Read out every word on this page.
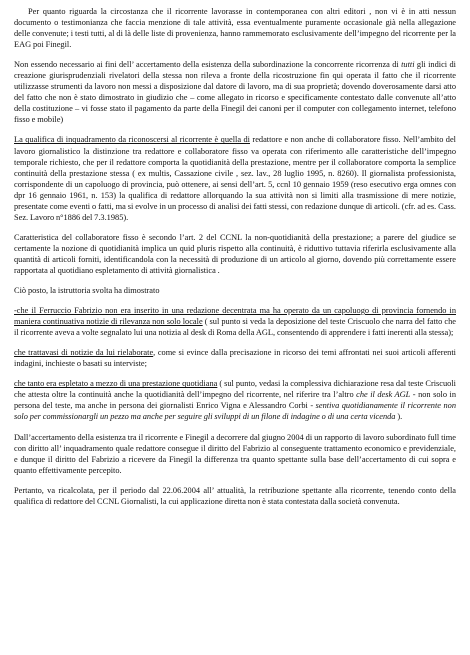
Per quanto riguarda la circostanza che il ricorrente lavorasse in contemporanea con altri editori , non vi è in atti nessun documento o testimonianza che faccia menzione di tale attività, essa eventualmente puramente occasionale già nella allegazione delle convenute; i testi tutti, al di là delle liste di provenienza, hanno rammemorato esclusivamente dell’impegno del ricorrente per la EAG poi Finegil.

Non essendo necessario ai fini dell’ accertamento della esistenza della subordinazione la concorrente ricorrenza di tutti gli indici di creazione giurisprudenziali rivelatori della stessa non rileva a fronte della ricostruzione fin qui operata il fatto che il ricorrente utilizzasse strumenti da lavoro non messi a disposizione dal datore di lavoro, ma di sua proprietà; dovendo doverosamente darsi atto del fatto che non è stato dimostrato in giudizio che – come allegato in ricorso e specificamente contestato dalle convenute all’atto della costituzione – vi fosse stato il pagamento da parte della Finegil dei canoni per il computer con collegamento internet, telefono fisso e mobile)

La qualifica di inquadramento da riconoscersi al ricorrente è quella di redattore e non anche di collaboratore fisso. Nell’ambito del lavoro giornalistico la distinzione tra redattore e collaboratore fisso va operata con riferimento alle caratteristiche dell’impegno temporale richiesto, che per il redattore comporta la quotidianità della prestazione, mentre per il collaboratore comporta la semplice continuità della prestazione stessa ( ex multis, Cassazione civile , sez. lav., 28 luglio 1995, n. 8260). Il giornalista professionista, corrispondente di un capoluogo di provincia, può ottenere, ai sensi dell’art. 5, ccnl 10 gennaio 1959 (reso esecutivo erga omnes con dpr 16 gennaio 1961, n. 153) la qualifica di redattore allorquando la sua attività non si limiti alla trasmissione di mere notizie, presentate come eventi o fatti, ma si evolve in un processo di analisi dei fatti stessi, con redazione dunque di articoli. (cfr. ad es. Cass. Sez. Lavoro n°1886 del 7.3.1985).

Caratteristica del collaboratore fisso è secondo l’art. 2 del CCNL la non-quotidianità della prestazione; a parere del giudice se certamente la nozione di quotidianità implica un quid pluris rispetto alla continuità, è riduttivo tuttavia riferirla esclusivamente alla quantità di articoli forniti, identificandola con la necessità di produzione di un articolo al giorno, dovendo più correttamente essere rapportata al quotidiano espletamento di attività giornalistica .

Ciò posto, la istruttoria svolta ha dimostrato

-che il Ferruccio Fabrizio non era inserito in una redazione decentrata ma ha operato da un capoluogo di provincia fornendo in maniera continuativa notizie di rilevanza non solo locale ( sul punto si veda la deposizione del teste Criscuolo che narra del fatto che il ricorrente aveva a volte segnalato lui una notizia al desk di Roma della AGL, consentendo di apprendere i fatti inerenti alla stessa);

che trattavasi di notizie da lui rielaborate, come si evince dalla precisazione in ricorso dei temi affrontati nei suoi articoli afferenti indagini, inchieste o basati su interviste;

che tanto era espletato a mezzo di una prestazione quotidiana ( sul punto, vedasi la complessiva dichiarazione resa dal teste Criscuoli che attesta oltre la continuità anche la quotidianità dell’impegno del ricorrente, nel riferire tra l’altro che il desk AGL - non solo in persona del teste, ma anche in persona dei giornalisti Enrico Vigna e Alessandro Corbi - sentiva quotidianamente il ricorrente non solo per commissionargli un pezzo ma anche per seguire gli sviluppi di un filone di indagine o di una certa vicenda ).

Dall’accertamento della esistenza tra il ricorrente e Finegil a decorrere dal giugno 2004 di un rapporto di lavoro subordinato full time con diritto all’ inquadramento quale redattore consegue il diritto del Fabrizio al conseguente trattamento economico e previdenziale, e dunque il diritto del Fabrizio a ricevere da Finegil la differenza tra quanto spettante sulla base dell’accertamento di cui sopra e quanto effettivamente percepito.

Pertanto, va ricalcolata, per il periodo dal 22.06.2004 all’ attualità, la retribuzione spettante alla ricorrente, tenendo conto della qualifica di redattore del CCNL Giornalisti, la cui applicazione diretta non è stata contestata dalla società convenuta.
